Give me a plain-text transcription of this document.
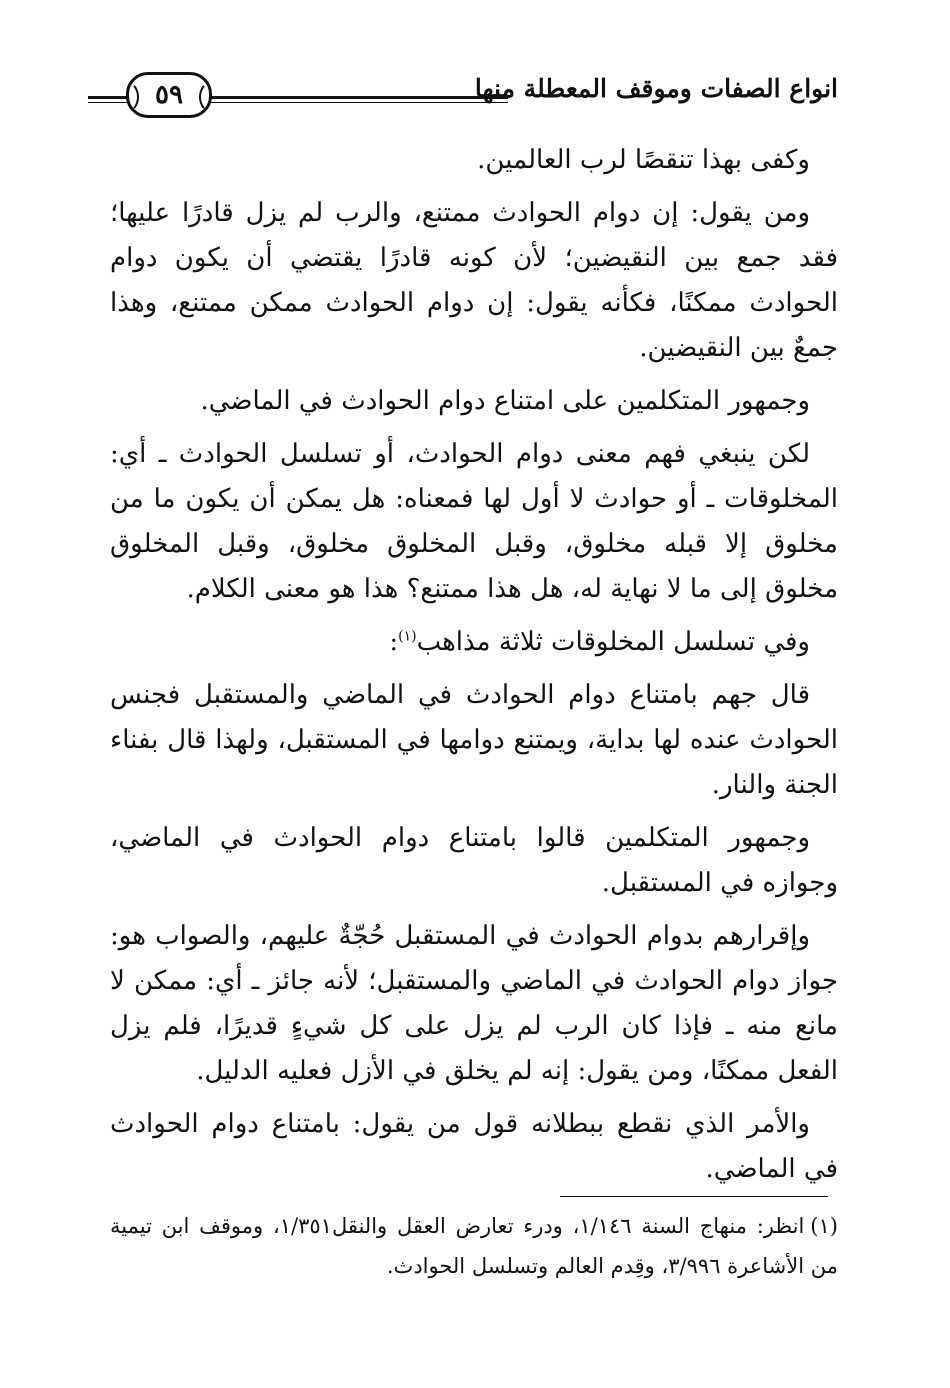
انواع الصفات وموقف المعطلة منها
٥٩

وكفى بهذا تنقصًا لرب العالمين.

ومن يقول: إن دوام الحوادث ممتنع، والرب لم يزل قادرًا عليها؛ فقد جمع بين النقيضين؛ لأن كونه قادرًا يقتضي أن يكون دوام الحوادث ممكنًا، فكأنه يقول: إن دوام الحوادث ممكن ممتنع، وهذا جمعٌ بين النقيضين.

وجمهور المتكلمين على امتناع دوام الحوادث في الماضي.

لكن ينبغي فهم معنى دوام الحوادث، أو تسلسل الحوادث ـ أي: المخلوقات ـ أو حوادث لا أول لها فمعناه: هل يمكن أن يكون ما من مخلوق إلا قبله مخلوق، وقبل المخلوق مخلوق، وقبل المخلوق مخلوق إلى ما لا نهاية له، هل هذا ممتنع؟ هذا هو معنى الكلام.

وفي تسلسل المخلوقات ثلاثة مذاهب$^{(١)}$:

قال جهم بامتناع دوام الحوادث في الماضي والمستقبل فجنس الحوادث عنده لها بداية، ويمتنع دوامها في المستقبل، ولهذا قال بفناء الجنة والنار.

وجمهور المتكلمين قالوا بامتناع دوام الحوادث في الماضي، وجوازه في المستقبل.

وإقرارهم بدوام الحوادث في المستقبل حُجّةٌ عليهم، والصواب هو: جواز دوام الحوادث في الماضي والمستقبل؛ لأنه جائز ـ أي: ممكن لا مانع منه ـ فإذا كان الرب لم يزل على كل شيءٍ قديرًا، فلم يزل الفعل ممكنًا، ومن يقول: إنه لم يخلق في الأزل فعليه الدليل.

والأمر الذي نقطع ببطلانه قول من يقول: بامتناع دوام الحوادث في الماضي.

(١)انظر: منهاج السنة ١/١٤٦، ودرء تعارض العقل والنقل١/٣٥١، وموقف ابن تيمية من الأشاعرة ٣/٩٩٦، وقِدم العالم وتسلسل الحوادث.
